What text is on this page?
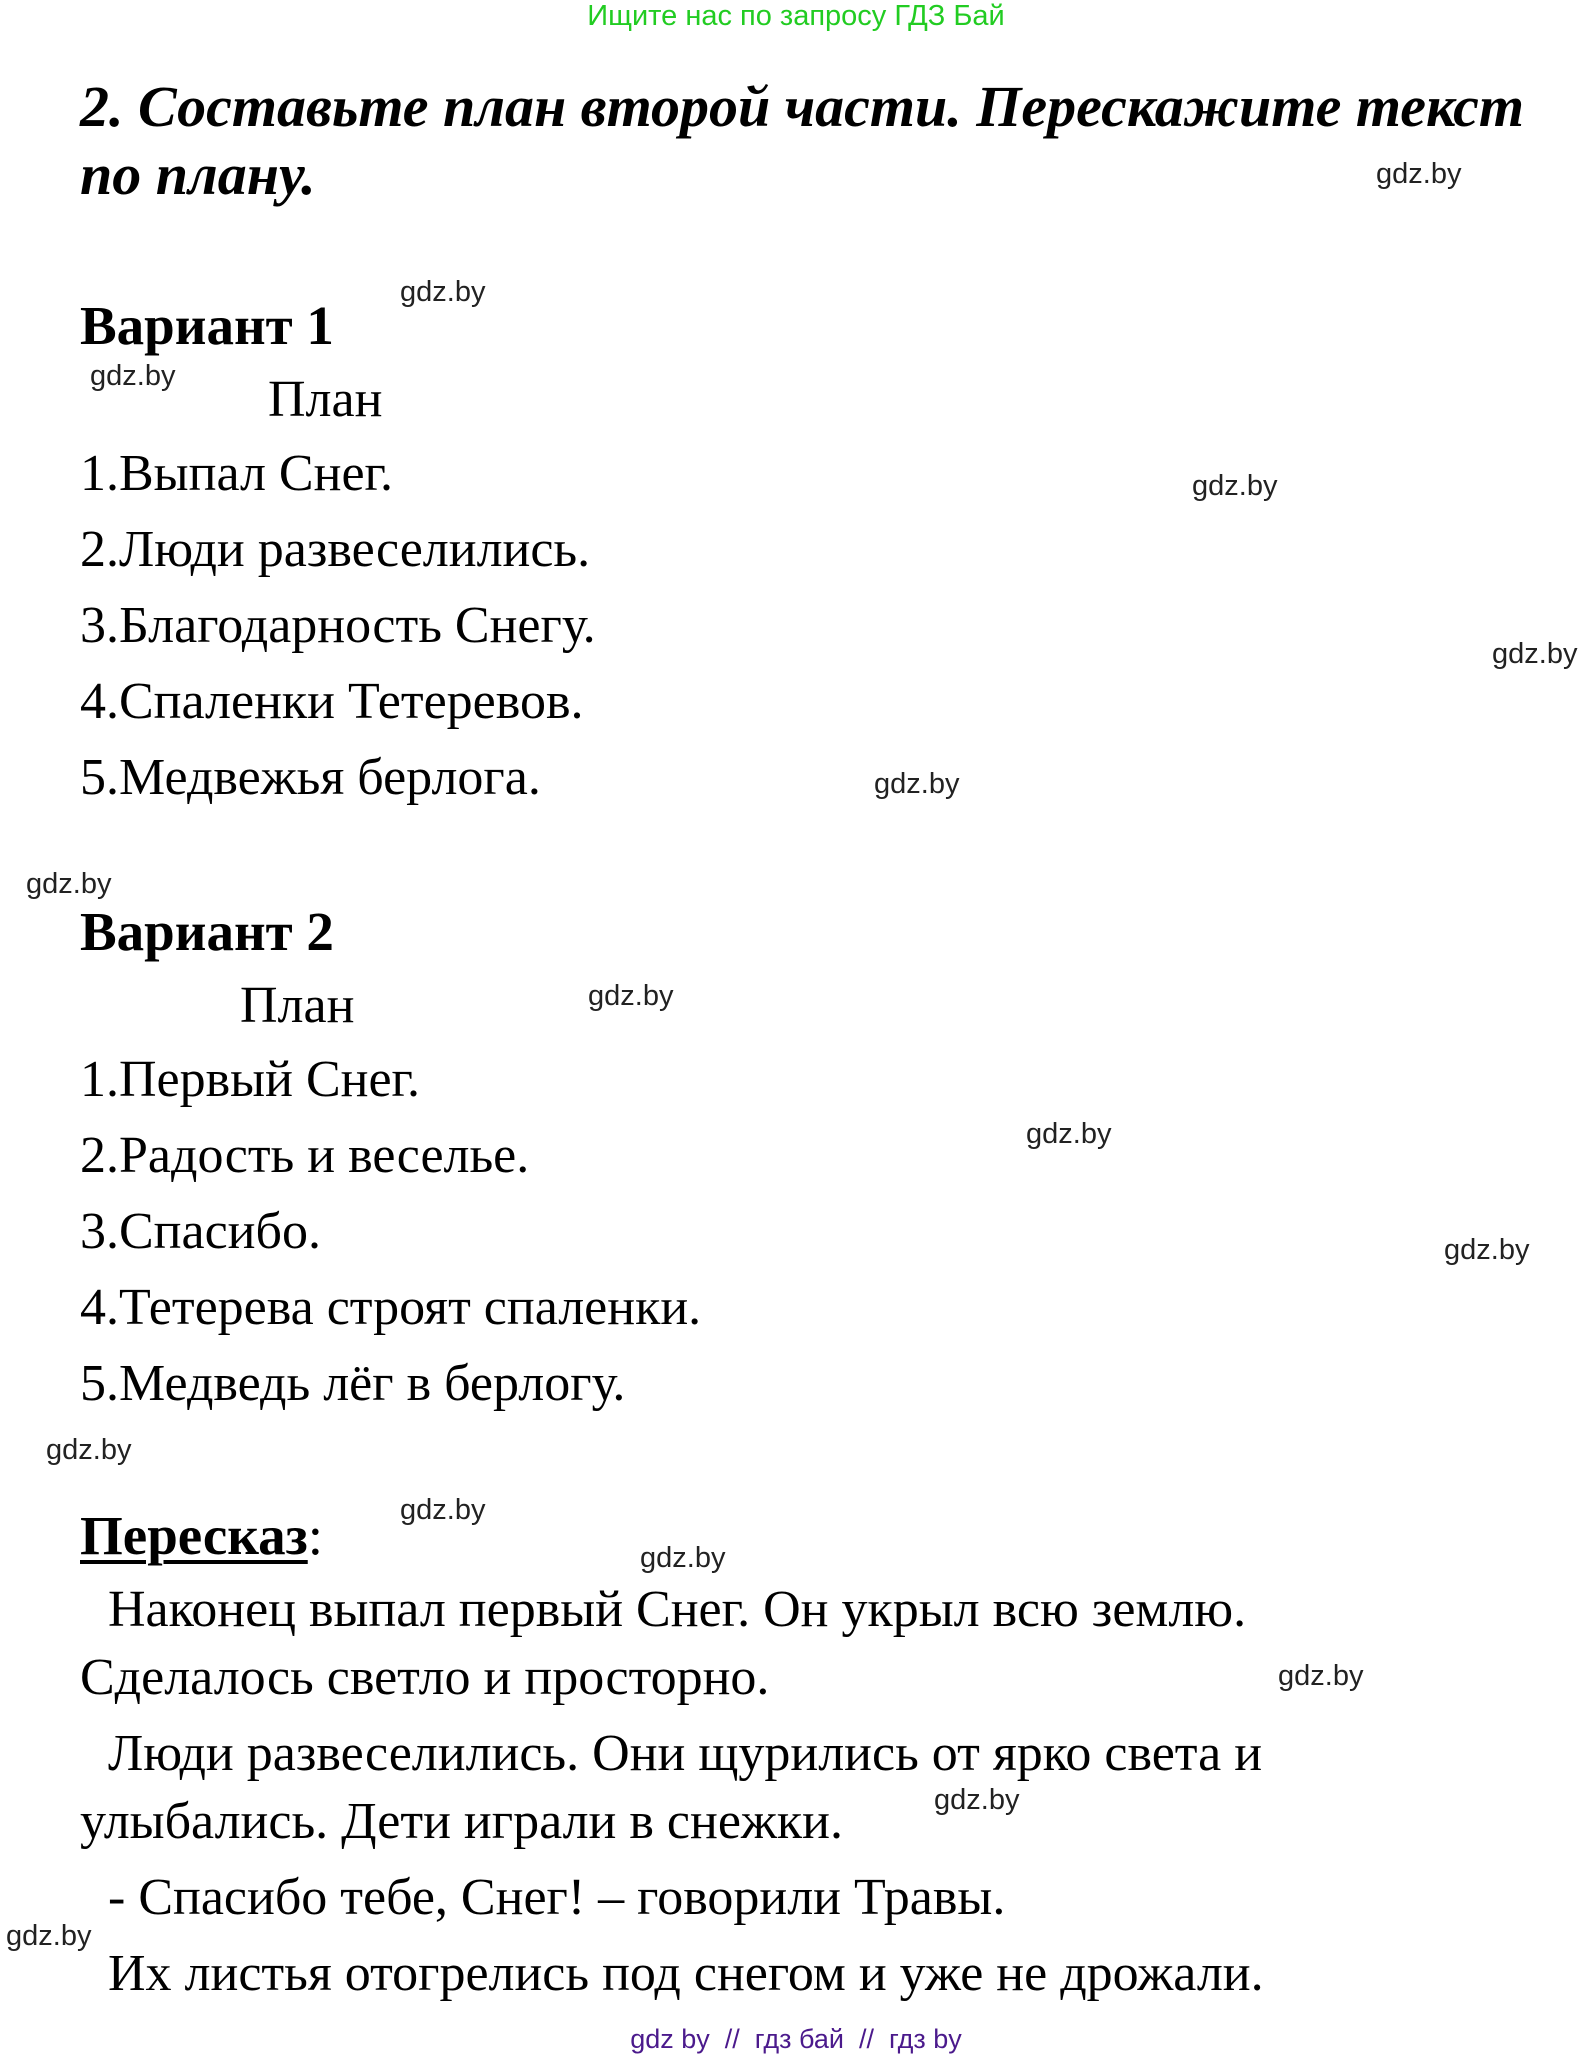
Ищите нас по запросу ГДЗ Бай
2. Составьте план второй части. Перескажите текст
по плану.
Вариант 1
План
1.Выпал Снег.
2.Люди развеселились.
3.Благодарность Снегу.
4.Спаленки Тетеревов.
5.Медвежья берлога.
Вариант 2
План
1.Первый Снег.
2.Радость и веселье.
3.Спасибо.
4.Тетерева строят спаленки.
5.Медведь лёг в берлогу.
Пересказ:
Наконец выпал первый Снег. Он укрыл всю землю.
Сделалось светло и просторно.
Люди развеселились. Они щурились от ярко света и
улыбались. Дети играли в снежки.
- Спасибо тебе, Снег! – говорили Травы.
Их листья отогрелись под снегом и уже не дрожали.
gdz.by
gdz.by
gdz.by
gdz.by
gdz.by
gdz.by
gdz.by
gdz.by
gdz.by
gdz.by
gdz.by
gdz.by
gdz.by
gdz.by
gdz.by
gdz.by
gdz by  //  гдз бай  //  гдз by
